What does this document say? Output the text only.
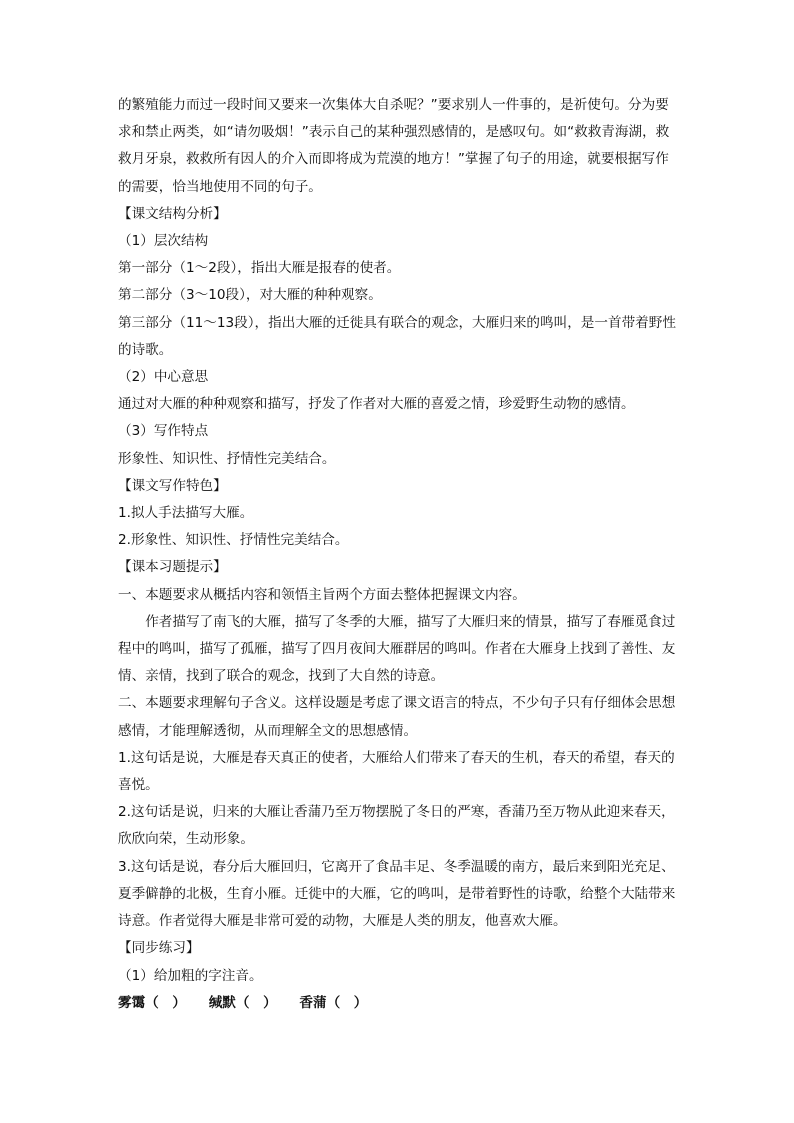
的繁殖能力而过一段时间又要来一次集体大自杀呢？”要求别人一件事的，是祈使句。分为要求和禁止两类，如“请勿吸烟！”表示自己的某种强烈感情的，是感叹句。如“救救青海湖，救救月牙泉，救救所有因人的介入而即将成为荒漠的地方！”掌握了句子的用途，就要根据写作的需要，恰当地使用不同的句子。

【课文结构分析】

（1）层次结构

第一部分（1～2段），指出大雁是报春的使者。

第二部分（3～10段），对大雁的种种观察。

第三部分（11～13段），指出大雁的迁徙具有联合的观念，大雁归来的鸣叫，是一首带着野性的诗歌。

（2）中心意思

通过对大雁的种种观察和描写，抒发了作者对大雁的喜爱之情，珍爱野生动物的感情。

（3）写作特点

形象性、知识性、抒情性完美结合。

【课文写作特色】

1.拟人手法描写大雁。

2.形象性、知识性、抒情性完美结合。

【课本习题提示】

一、本题要求从概括内容和领悟主旨两个方面去整体把握课文内容。

作者描写了南飞的大雁，描写了冬季的大雁，描写了大雁归来的情景，描写了春雁觅食过程中的鸣叫，描写了孤雁，描写了四月夜间大雁群居的鸣叫。作者在大雁身上找到了善性、友情、亲情，找到了联合的观念，找到了大自然的诗意。

二、本题要求理解句子含义。这样设题是考虑了课文语言的特点，不少句子只有仔细体会思想感情，才能理解透彻，从而理解全文的思想感情。

1.这句话是说，大雁是春天真正的使者，大雁给人们带来了春天的生机，春天的希望，春天的喜悦。

2.这句话是说，归来的大雁让香蒲乃至万物摆脱了冬日的严寒，香蒲乃至万物从此迎来春天，欣欣向荣，生动形象。

3.这句话是说，春分后大雁回归，它离开了食品丰足、冬季温暖的南方，最后来到阳光充足、夏季僻静的北极，生育小雁。迁徙中的大雁，它的鸣叫，是带着野性的诗歌，给整个大陆带来诗意。作者觉得大雁是非常可爱的动物，大雁是人类的朋友，他喜欢大雁。

【同步练习】

（1）给加粗的字注音。

雾霭（　） 缄默（　） 香蒲（　）
